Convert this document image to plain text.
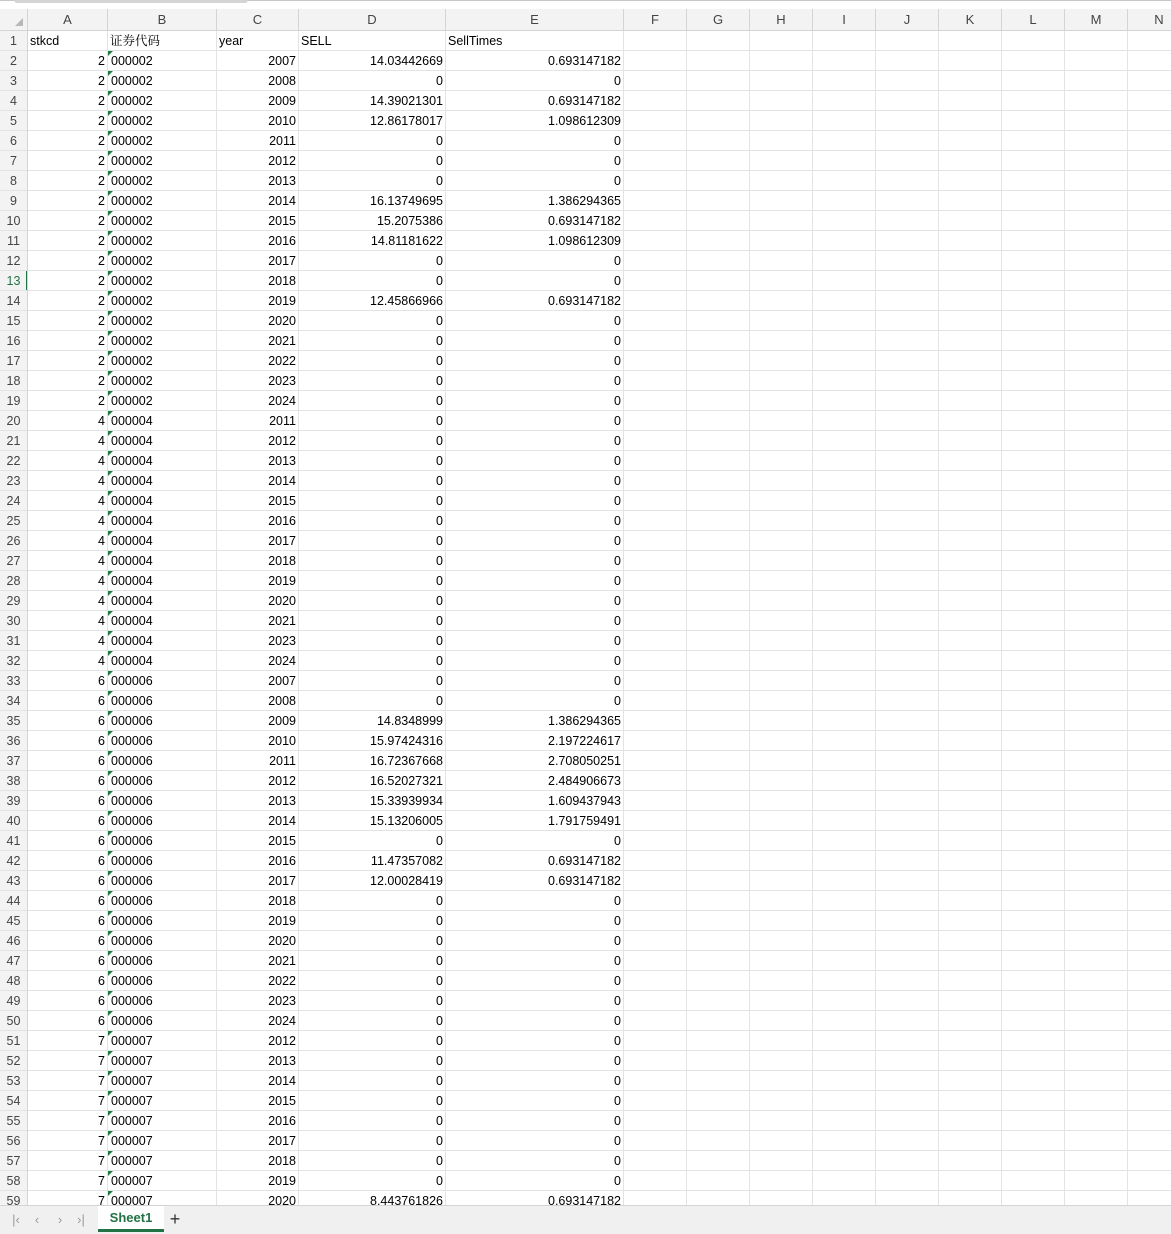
A	B	C	D	E	F	G	H	I	J	K	L	M	N
1
2
3
4
5
6
7
8
9
10
11
12
13
14
15
16
17
18
19
20
21
22
23
24
25
26
27
28
29
30
31
32
33
34
35
36
37
38
39
40
41
42
43
44
45
46
47
48
49
50
51
52
53
54
55
56
57
58
59
stkcd	证券代码	year	SELL	SellTimes
2 000002	2007	14.03442669	0.693147182
2 000002	2008	0	0
2 000002	2009	14.39021301	0.693147182
2 000002	2010	12.86178017	1.098612309
2 000002	2011	0	0
2 000002	2012	0	0
2 000002	2013	0	0
2 000002	2014	16.13749695	1.386294365
2 000002	2015	15.2075386	0.693147182
2 000002	2016	14.81181622	1.098612309
2 000002	2017	0	0
2 000002	2018	0	0
2 000002	2019	12.45866966	0.693147182
2 000002	2020	0	0
2 000002	2021	0	0
2 000002	2022	0	0
2 000002	2023	0	0
2 000002	2024	0	0
4 000004	2011	0	0
4 000004	2012	0	0
4 000004	2013	0	0
4 000004	2014	0	0
4 000004	2015	0	0
4 000004	2016	0	0
4 000004	2017	0	0
4 000004	2018	0	0
4 000004	2019	0	0
4 000004	2020	0	0
4 000004	2021	0	0
4 000004	2023	0	0
4 000004	2024	0	0
6 000006	2007	0	0
6 000006	2008	0	0
6 000006	2009	14.8348999	1.386294365
6 000006	2010	15.97424316	2.197224617
6 000006	2011	16.72367668	2.708050251
6 000006	2012	16.52027321	2.484906673
6 000006	2013	15.33939934	1.609437943
6 000006	2014	15.13206005	1.791759491
6 000006	2015	0	0
6 000006	2016	11.47357082	0.693147182
6 000006	2017	12.00028419	0.693147182
6 000006	2018	0	0
6 000006	2019	0	0
6 000006	2020	0	0
6 000006	2021	0	0
6 000006	2022	0	0
6 000006	2023	0	0
6 000006	2024	0	0
7 000007	2012	0	0
7 000007	2013	0	0
7 000007	2014	0	0
7 000007	2015	0	0
7 000007	2016	0	0
7 000007	2017	0	0
7 000007	2018	0	0
7 000007	2019	0	0
7 000007	2020	8.443761826	0.693147182
|‹	‹	›	›|	Sheet1 +
